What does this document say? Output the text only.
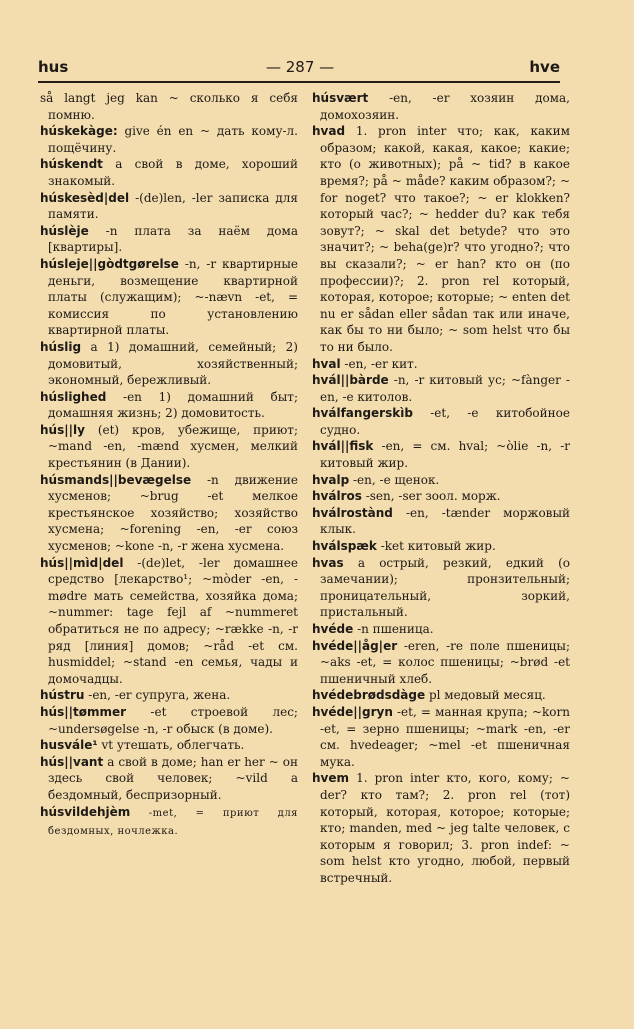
hus	— 287 —	hve

så langt jeg kan ~ сколько я себя помню.

húskekàge: give én en ~ дать кому-л. пощёчину.

húskendt a свой в доме, хороший знакомый.

húskesèd|del -(de)len, -ler записка для памяти.

húslèje -n плата за наём дома [квартиры].

húsleje||gòdtgørelse -n, -r квартирные деньги, возмещение квартирной платы (служащим); ~-nævn -et, = комиссия по установлению квартирной платы.

húslig a 1) домашний, семейный; 2) домовитый, хозяйственный; экономный, бережливый.

húslighed -en 1) домашний быт; домашняя жизнь; 2) домовитость.

hús||ly (et) кров, убежище, приют; ~mand -en, -mænd хусмен, мелкий крестьянин (в Дании).

húsmands||bevægelse -n движение хусменов; ~brug -et мелкое крестьянское хозяйство; хозяйство хусмена; ~forening -en, -er союз хусменов; ~kone -n, -r жена хусмена.

hús||mìd|del -(de)let, -ler домашнее средство [лекарство¹; ~mòder -en, -mødre мать семейства, хозяйка дома; ~nummer: tage fejl af ~nummeret обратиться не по адресу; ~række -n, -r ряд [линия] домов; ~råd -et см. husmiddel; ~stand -en семья, чады и домочадцы.

hústru -en, -er супруга, жена.

hús||tømmer -et строевой лес; ~undersøgelse -n, -r обыск (в доме).

husvále¹ vt утешать, облегчать.

hús||vant a свой в доме; han er her ~ он здесь свой человек; ~vild a бездомный, беспризорный.

húsvildehjèm -met, = приют для бездомных, ночлежка.

húsvært -en, -er хозяин дома, домохозяин.

hvad 1. pron inter что; как, каким образом; какой, какая, какое; какие; кто (о животных); på ~ tid? в какое время?; på ~ måde? каким образом?; ~ for noget? что такое?; ~ er klokken? который час?; ~ hedder du? как тебя зовут?; ~ skal det betyde? что это значит?; ~ beha(ge)r? что угодно?; что вы сказали?; ~ er han? кто он (по профессии)?; 2. pron rel который, которая, которое; которые; ~ enten det nu er sådan eller sådan так или иначе, как бы то ни было; ~ som helst что бы то ни было.

hval -en, -er кит.

hvál||bàrde -n, -r китовый ус; ~fànger -en, -e китолов.

hválfangerskìb -et, -e китобойное судно.

hvál||fisk -en, = см. hval; ~òlie -n, -r китовый жир.

hvalp -en, -e щенок.

hválros -sen, -ser зоол. морж.

hválrostànd -en, -tænder моржовый клык.

hválspæk -ket китовый жир.

hvas a острый, резкий, едкий (о замечании); пронзительный; проницательный, зоркий, пристальный.

hvéde -n пшеница.

hvéde||åg|er -eren, -re поле пшеницы; ~aks -et, = колос пшеницы; ~brød -et пшеничный хлеб.

hvédebrødsdàge pl медовый месяц.

hvéde||gryn -et, = манная крупа; ~korn -et, = зерно пшеницы; ~mark -en, -er см. hvedeager; ~mel -et пшеничная мука.

hvem 1. pron inter кто, кого, кому; ~ der? кто там?; 2. pron rel (тот) который, которая, которое; которые; кто; manden, med ~ jeg talte человек, с которым я говорил; 3. pron indef: ~ som helst кто угодно, любой, первый встречный.
